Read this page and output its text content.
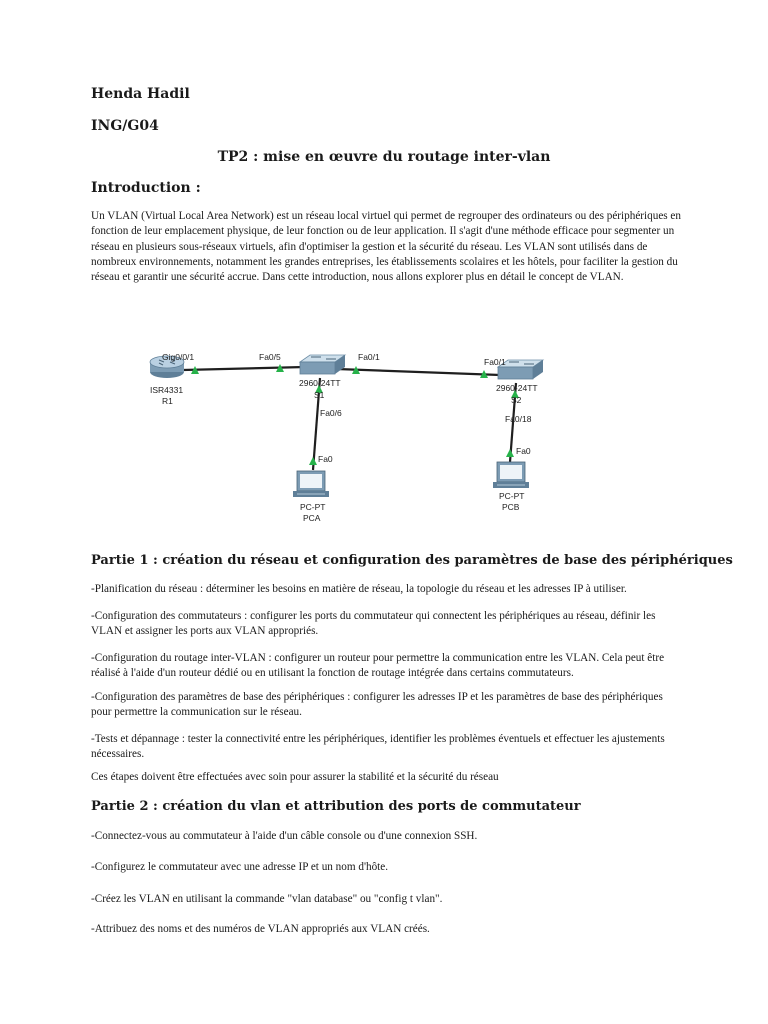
Henda Hadil
ING/G04
TP2 : mise en œuvre du routage inter-vlan
Introduction :
Un VLAN (Virtual Local Area Network) est un réseau local virtuel qui permet de regrouper des ordinateurs ou des périphériques en fonction de leur emplacement physique, de leur fonction ou de leur application. Il s'agit d'une méthode efficace pour segmenter un réseau en plusieurs sous-réseaux virtuels, afin d'optimiser la gestion et la sécurité du réseau. Les VLAN sont utilisés dans de nombreux environnements, notamment les grandes entreprises, les établissements scolaires et les hôtels, pour faciliter la gestion du réseau et garantir une sécurité accrue. Dans cette introduction, nous allons explorer plus en détail le concept de VLAN.
Gig0/0/1
ISR4331
R1
Fa0/5	Fa0/1
2960-24TT
S1
Fa0/6
Fa0/1
2960-24TT
S2
Fa0/18
Fa0
PC-PT
PCA
Fa0
PC-PT
PCB
Partie 1 : création du réseau et configuration des paramètres de base des périphériques
-Planification du réseau : déterminer les besoins en matière de réseau, la topologie du réseau et les adresses IP à utiliser.
-Configuration des commutateurs : configurer les ports du commutateur qui connectent les périphériques au réseau, définir les VLAN et assigner les ports aux VLAN appropriés.
-Configuration du routage inter-VLAN : configurer un routeur pour permettre la communication entre les VLAN. Cela peut être réalisé à l'aide d'un routeur dédié ou en utilisant la fonction de routage intégrée dans certains commutateurs.
-Configuration des paramètres de base des périphériques : configurer les adresses IP et les paramètres de base des périphériques pour permettre la communication sur le réseau.
-Tests et dépannage : tester la connectivité entre les périphériques, identifier les problèmes éventuels et effectuer les ajustements nécessaires.
Ces étapes doivent être effectuées avec soin pour assurer la stabilité et la sécurité du réseau
Partie 2 : création du vlan et attribution des ports de commutateur
-Connectez-vous au commutateur à l'aide d'un câble console ou d'une connexion SSH.
-Configurez le commutateur avec une adresse IP et un nom d'hôte.
-Créez les VLAN en utilisant la commande "vlan database" ou "config t vlan".
-Attribuez des noms et des numéros de VLAN appropriés aux VLAN créés.
